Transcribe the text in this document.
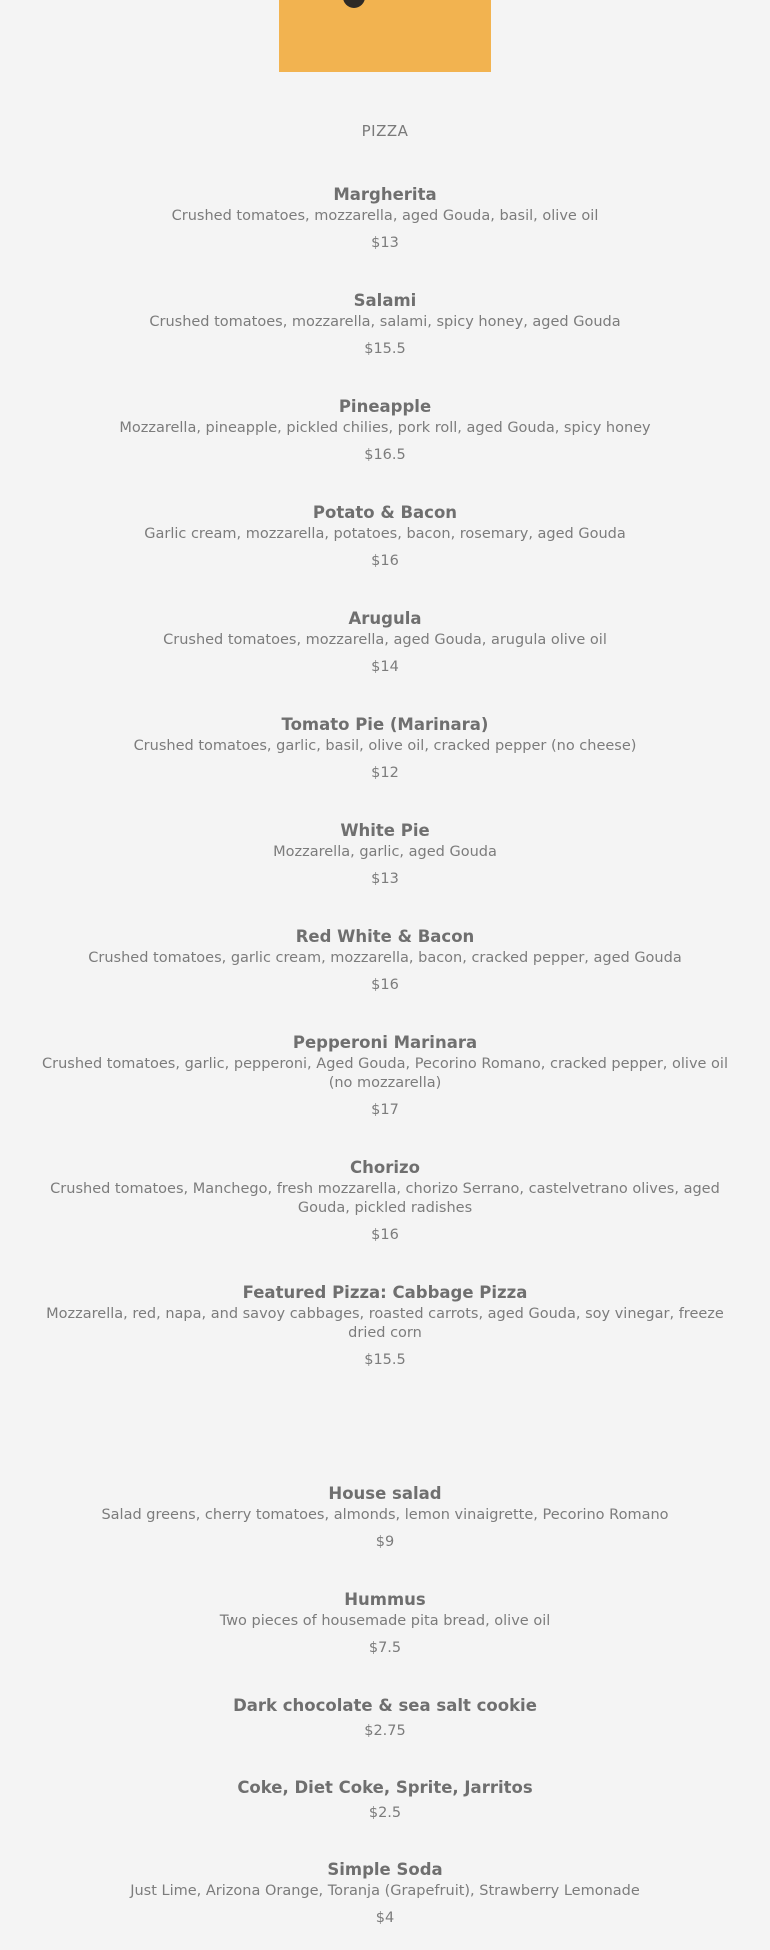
PIZZA
Margherita
Crushed tomatoes, mozzarella, aged Gouda, basil, olive oil
$13
Salami
Crushed tomatoes, mozzarella, salami, spicy honey, aged Gouda
$15.5
Pineapple
Mozzarella, pineapple, pickled chilies, pork roll, aged Gouda, spicy honey
$16.5
Potato & Bacon
Garlic cream, mozzarella, potatoes, bacon, rosemary, aged Gouda
$16
Arugula
Crushed tomatoes, mozzarella, aged Gouda, arugula olive oil
$14
Tomato Pie (Marinara)
Crushed tomatoes, garlic, basil, olive oil, cracked pepper (no cheese)
$12
White Pie
Mozzarella, garlic, aged Gouda
$13
Red White & Bacon
Crushed tomatoes, garlic cream, mozzarella, bacon, cracked pepper, aged Gouda
$16
Pepperoni Marinara
Crushed tomatoes, garlic, pepperoni, Aged Gouda, Pecorino Romano, cracked pepper, olive oil (no mozzarella)
$17
Chorizo
Crushed tomatoes, Manchego, fresh mozzarella, chorizo Serrano, castelvetrano olives, aged Gouda, pickled radishes
$16
Featured Pizza: Cabbage Pizza
Mozzarella, red, napa, and savoy cabbages, roasted carrots, aged Gouda, soy vinegar, freeze dried corn
$15.5
House salad
Salad greens, cherry tomatoes, almonds, lemon vinaigrette, Pecorino Romano
$9
Hummus
Two pieces of housemade pita bread, olive oil
$7.5
Dark chocolate & sea salt cookie
$2.75
Coke, Diet Coke, Sprite, Jarritos
$2.5
Simple Soda
Just Lime, Arizona Orange, Toranja (Grapefruit), Strawberry Lemonade
$4
